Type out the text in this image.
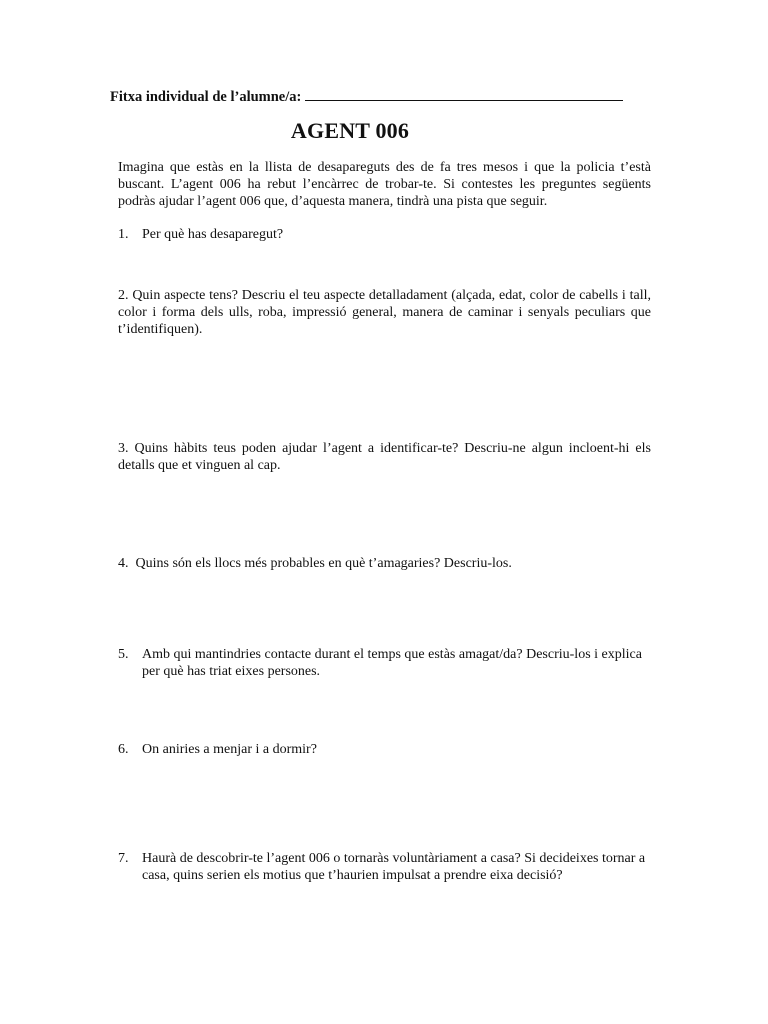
Fitxa individual de l’alumne/a:
AGENT 006
Imagina que estàs en la llista de desapareguts des de fa tres mesos i que la policia t’està buscant. L’agent 006 ha rebut l’encàrrec de trobar-te. Si contestes les preguntes següents podràs ajudar l’agent 006 que, d’aquesta manera, tindrà una pista que seguir.
1. Per què has desaparegut?
2. Quin aspecte tens? Descriu el teu aspecte detalladament (alçada, edat, color de cabells i tall, color i forma dels ulls, roba, impressió general, manera de caminar i senyals peculiars que t’identifiquen).
3. Quins hàbits teus poden ajudar l’agent a identificar-te? Descriu-ne algun incloent-hi els detalls que et vinguen al cap.
4.  Quins són els llocs més probables en què t’amagaries? Descriu-los.
5. Amb qui mantindries contacte durant el temps que estàs amagat/da? Descriu-los i explica per què has triat eixes persones.
6. On aniries a menjar i a dormir?
7. Haurà de descobrir-te l’agent 006 o tornaràs voluntàriament a casa? Si decideixes tornar a casa, quins serien els motius que t’haurien impulsat a prendre eixa decisió?
